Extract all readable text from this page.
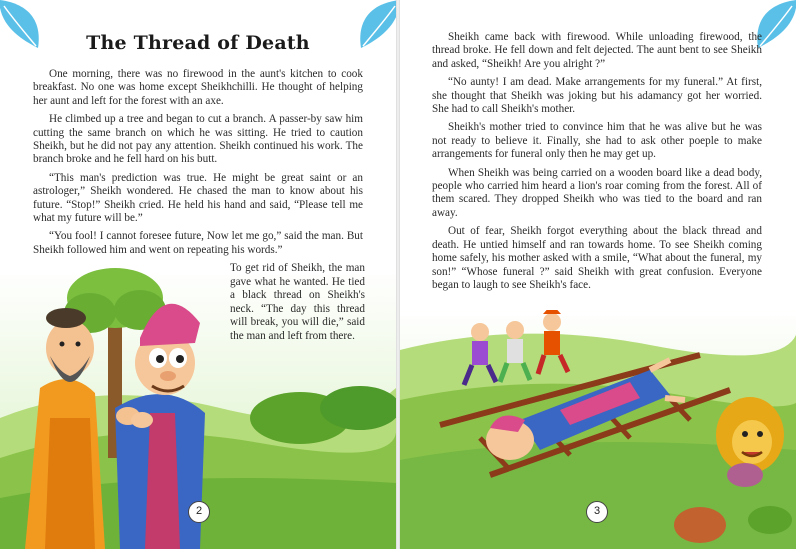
The Thread of Death

One morning, there was no firewood in the aunt's kitchen to cook breakfast. No one was home except Sheikhchilli. He thought of helping her aunt and left for the forest with an axe.

He climbed up a tree and began to cut a branch. A passer-by saw him cutting the same branch on which he was sitting. He tried to caution Sheikh, but he did not pay any attention. Sheikh continued his work. The branch broke and he fell hard on his butt.

“This man's prediction was true. He might be great saint or an astrologer,” Sheikh wondered. He chased the man to know about his future. “Stop!” Sheikh cried. He held his hand and said, “Please tell me what my future will be.”

“You fool! I cannot foresee future, Now let me go,” said the man. But Sheikh followed him and went on repeating his words.”

To get rid of Sheikh, the man gave what he wanted. He tied a black thread on Sheikh's neck. “The day this thread will break, you will die,” said the man and left from there.
2

Sheikh came back with firewood. While unloading firewood, the thread broke. He fell down and felt dejected. The aunt bent to see Sheikh and asked, “Sheikh! Are you alright ?”

“No aunty! I am dead. Make arrangements for my funeral.” At first, she thought that Sheikh was joking but his adamancy got her worried. She had to call Sheikh's mother.

Sheikh's mother tried to convince him that he was alive but he was not ready to believe it. Finally, she had to ask other poeple to make arrangements for funeral only then he may get up.

When Sheikh was being carried on a wooden board like a dead body, people who carried him heard a lion's roar coming from the forest. All of them scared. They dropped Sheikh who was tied to the board and ran away.

Out of fear, Sheikh forgot everything about the black thread and death. He untied himself and ran towards home. To see Sheikh coming home safely, his mother asked with a smile, “What about the funeral, my son!” “Whose funeral ?” said Sheikh with great confusion. Everyone began to laugh to see Sheikh's face.

3
